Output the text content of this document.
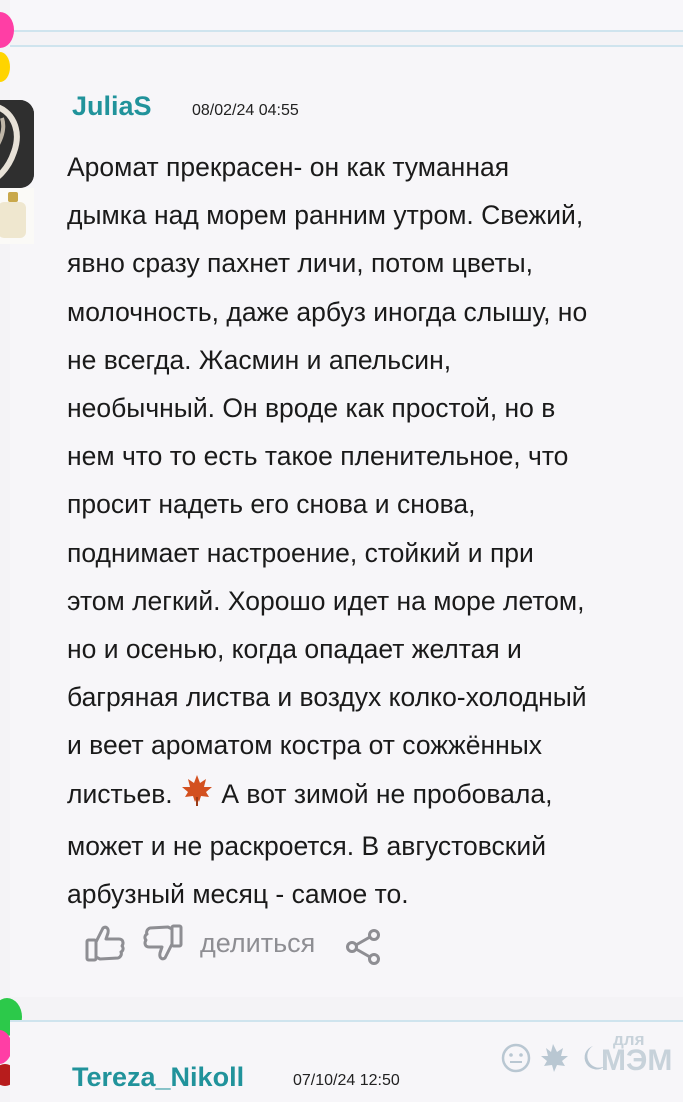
JuliaS	08/02/24 04:55

Аромат прекрасен- он как туманная
дымка над морем ранним утром. Свежий,
явно сразу пахнет личи, потом цветы,
молочность, даже арбуз иногда слышу, но
не всегда. Жасмин и апельсин,
необычный. Он вроде как простой, но в
нем что то есть такое пленительное, что
просит надеть его снова и снова,
поднимает настроение, стойкий и при
этом легкий. Хорошо идет на море летом,
но и осенью, когда опадает желтая и
багряная листва и воздух колко-холодный
и веет ароматом костра от сожжённых
листьев.  А вот зимой не пробовала,
может и не раскроется. В августовский
арбузный месяц - самое то.

делиться
Tereza_Nikoll	07/10/24 12:50
для
МЭМ
